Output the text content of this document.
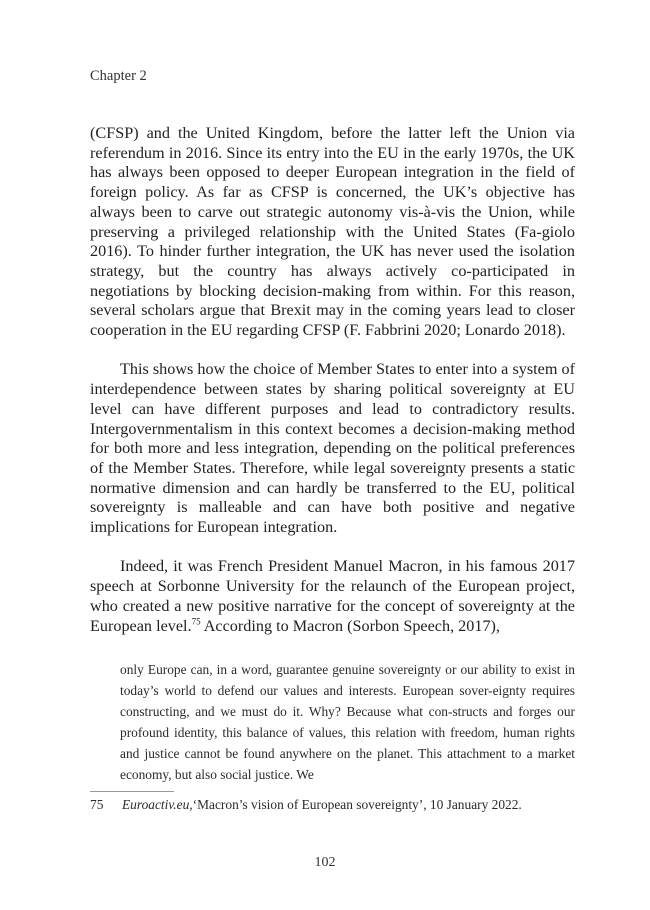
Chapter 2

(CFSP) and the United Kingdom, before the latter left the Union via referendum in 2016. Since its entry into the EU in the early 1970s, the UK has always been opposed to deeper European integration in the field of foreign policy. As far as CFSP is concerned, the UK’s objective has always been to carve out strategic autonomy vis-à-vis the Union, while preserving a privileged relationship with the United States (Fa-giolo 2016). To hinder further integration, the UK has never used the isolation strategy, but the country has always actively co-participated in negotiations by blocking decision-making from within. For this reason, several scholars argue that Brexit may in the coming years lead to closer cooperation in the EU regarding CFSP (F. Fabbrini 2020; Lonardo 2018).

This shows how the choice of Member States to enter into a system of interdependence between states by sharing political sovereignty at EU level can have different purposes and lead to contradictory results. Intergovernmentalism in this context becomes a decision-making method for both more and less integration, depending on the political preferences of the Member States. Therefore, while legal sovereignty presents a static normative dimension and can hardly be transferred to the EU, political sovereignty is malleable and can have both positive and negative implications for European integration.

Indeed, it was French President Manuel Macron, in his famous 2017 speech at Sorbonne University for the relaunch of the European project, who created a new positive narrative for the concept of sovereignty at the European level.$^{75}$ According to Macron (Sorbon Speech, 2017),

only Europe can, in a word, guarantee genuine sovereignty or our ability to exist in today’s world to defend our values and interests. European sover-eignty requires constructing, and we must do it. Why? Because what con-structs and forges our profound identity, this balance of values, this relation with freedom, human rights and justice cannot be found anywhere on the planet. This attachment to a market economy, but also social justice. We
75 Euroactiv.eu,‘Macron’s vision of European sovereignty’, 10 January 2022.
102
